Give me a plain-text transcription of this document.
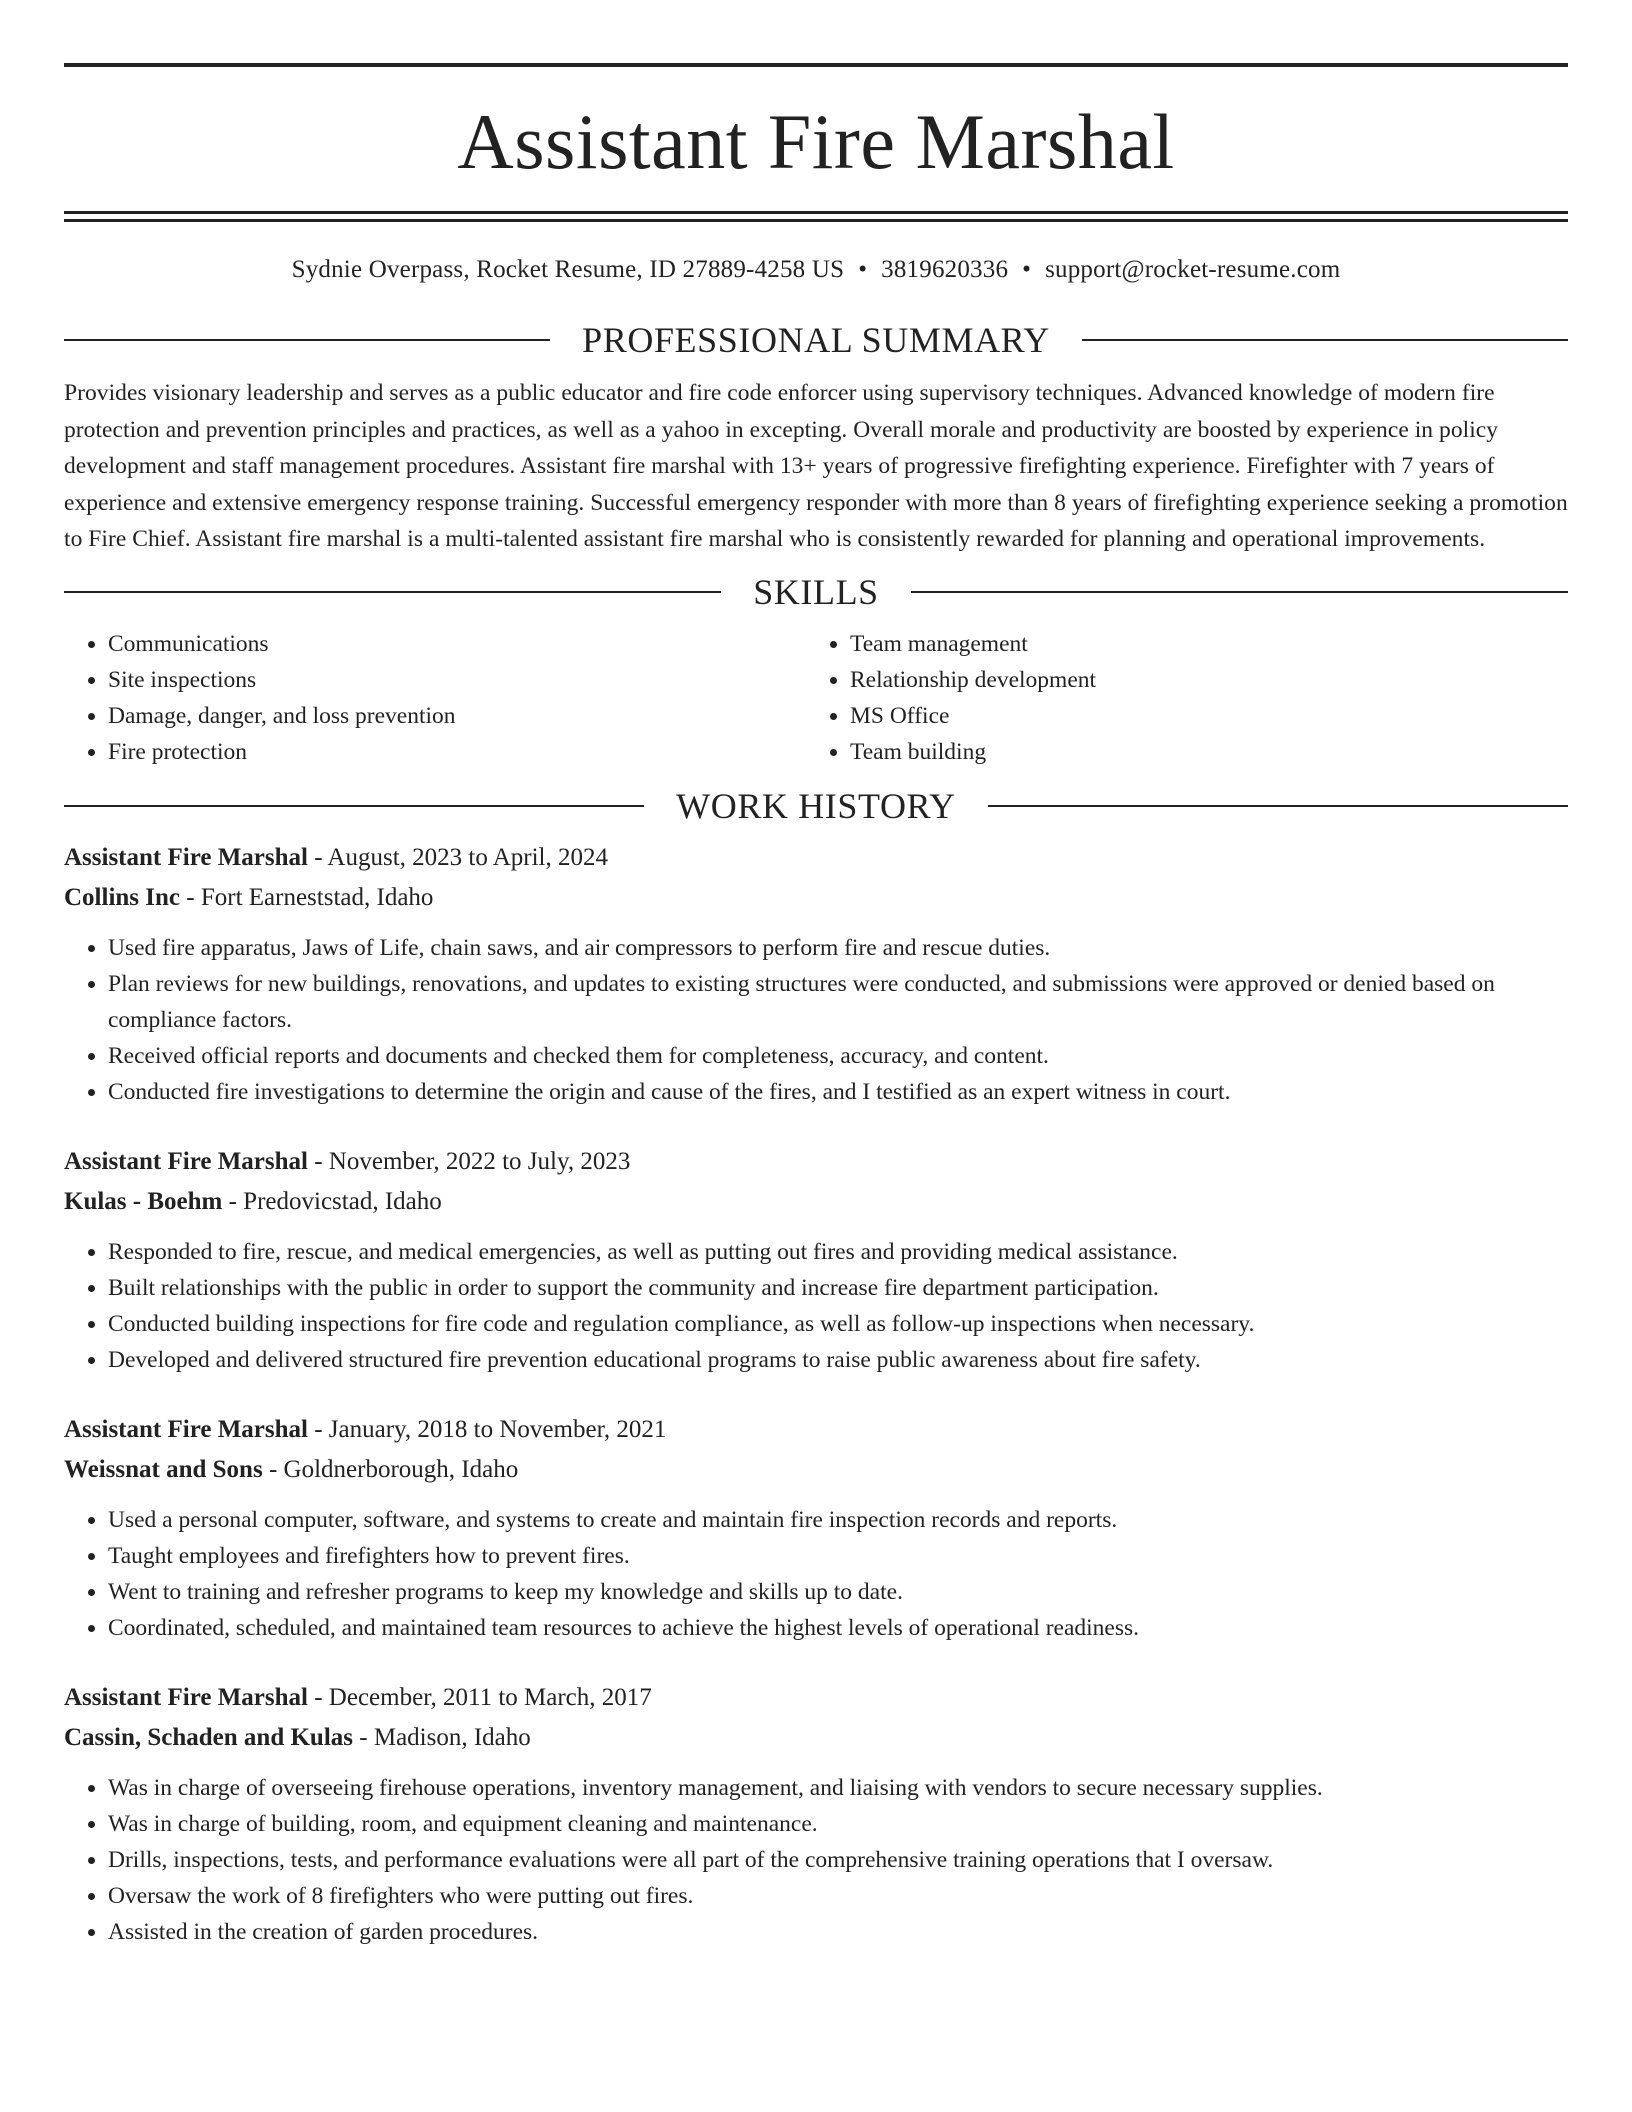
Assistant Fire Marshal
Sydnie Overpass, Rocket Resume, ID 27889-4258 US • 3819620336 • support@rocket-resume.com
PROFESSIONAL SUMMARY

Provides visionary leadership and serves as a public educator and fire code enforcer using supervisory techniques. Advanced knowledge of modern fire protection and prevention principles and practices, as well as a yahoo in excepting. Overall morale and productivity are boosted by experience in policy development and staff management procedures. Assistant fire marshal with 13+ years of progressive firefighting experience. Firefighter with 7 years of experience and extensive emergency response training. Successful emergency responder with more than 8 years of firefighting experience seeking a promotion to Fire Chief. Assistant fire marshal is a multi-talented assistant fire marshal who is consistently rewarded for planning and operational improvements.

SKILLS
• Communications
• Site inspections
• Damage, danger, and loss prevention
• Fire protection
• Team management
• Relationship development
• MS Office
• Team building
WORK HISTORY
Assistant Fire Marshal - August, 2023 to April, 2024
Collins Inc - Fort Earneststad, Idaho
• Used fire apparatus, Jaws of Life, chain saws, and air compressors to perform fire and rescue duties.
• Plan reviews for new buildings, renovations, and updates to existing structures were conducted, and submissions were approved or denied based on compliance factors.
• Received official reports and documents and checked them for completeness, accuracy, and content.
• Conducted fire investigations to determine the origin and cause of the fires, and I testified as an expert witness in court.
Assistant Fire Marshal - November, 2022 to July, 2023
Kulas - Boehm - Predovicstad, Idaho
• Responded to fire, rescue, and medical emergencies, as well as putting out fires and providing medical assistance.
• Built relationships with the public in order to support the community and increase fire department participation.
• Conducted building inspections for fire code and regulation compliance, as well as follow-up inspections when necessary.
• Developed and delivered structured fire prevention educational programs to raise public awareness about fire safety.
Assistant Fire Marshal - January, 2018 to November, 2021
Weissnat and Sons - Goldnerborough, Idaho
• Used a personal computer, software, and systems to create and maintain fire inspection records and reports.
• Taught employees and firefighters how to prevent fires.
• Went to training and refresher programs to keep my knowledge and skills up to date.
• Coordinated, scheduled, and maintained team resources to achieve the highest levels of operational readiness.
Assistant Fire Marshal - December, 2011 to March, 2017
Cassin, Schaden and Kulas - Madison, Idaho
• Was in charge of overseeing firehouse operations, inventory management, and liaising with vendors to secure necessary supplies.
• Was in charge of building, room, and equipment cleaning and maintenance.
• Drills, inspections, tests, and performance evaluations were all part of the comprehensive training operations that I oversaw.
• Oversaw the work of 8 firefighters who were putting out fires.
• Assisted in the creation of garden procedures.
